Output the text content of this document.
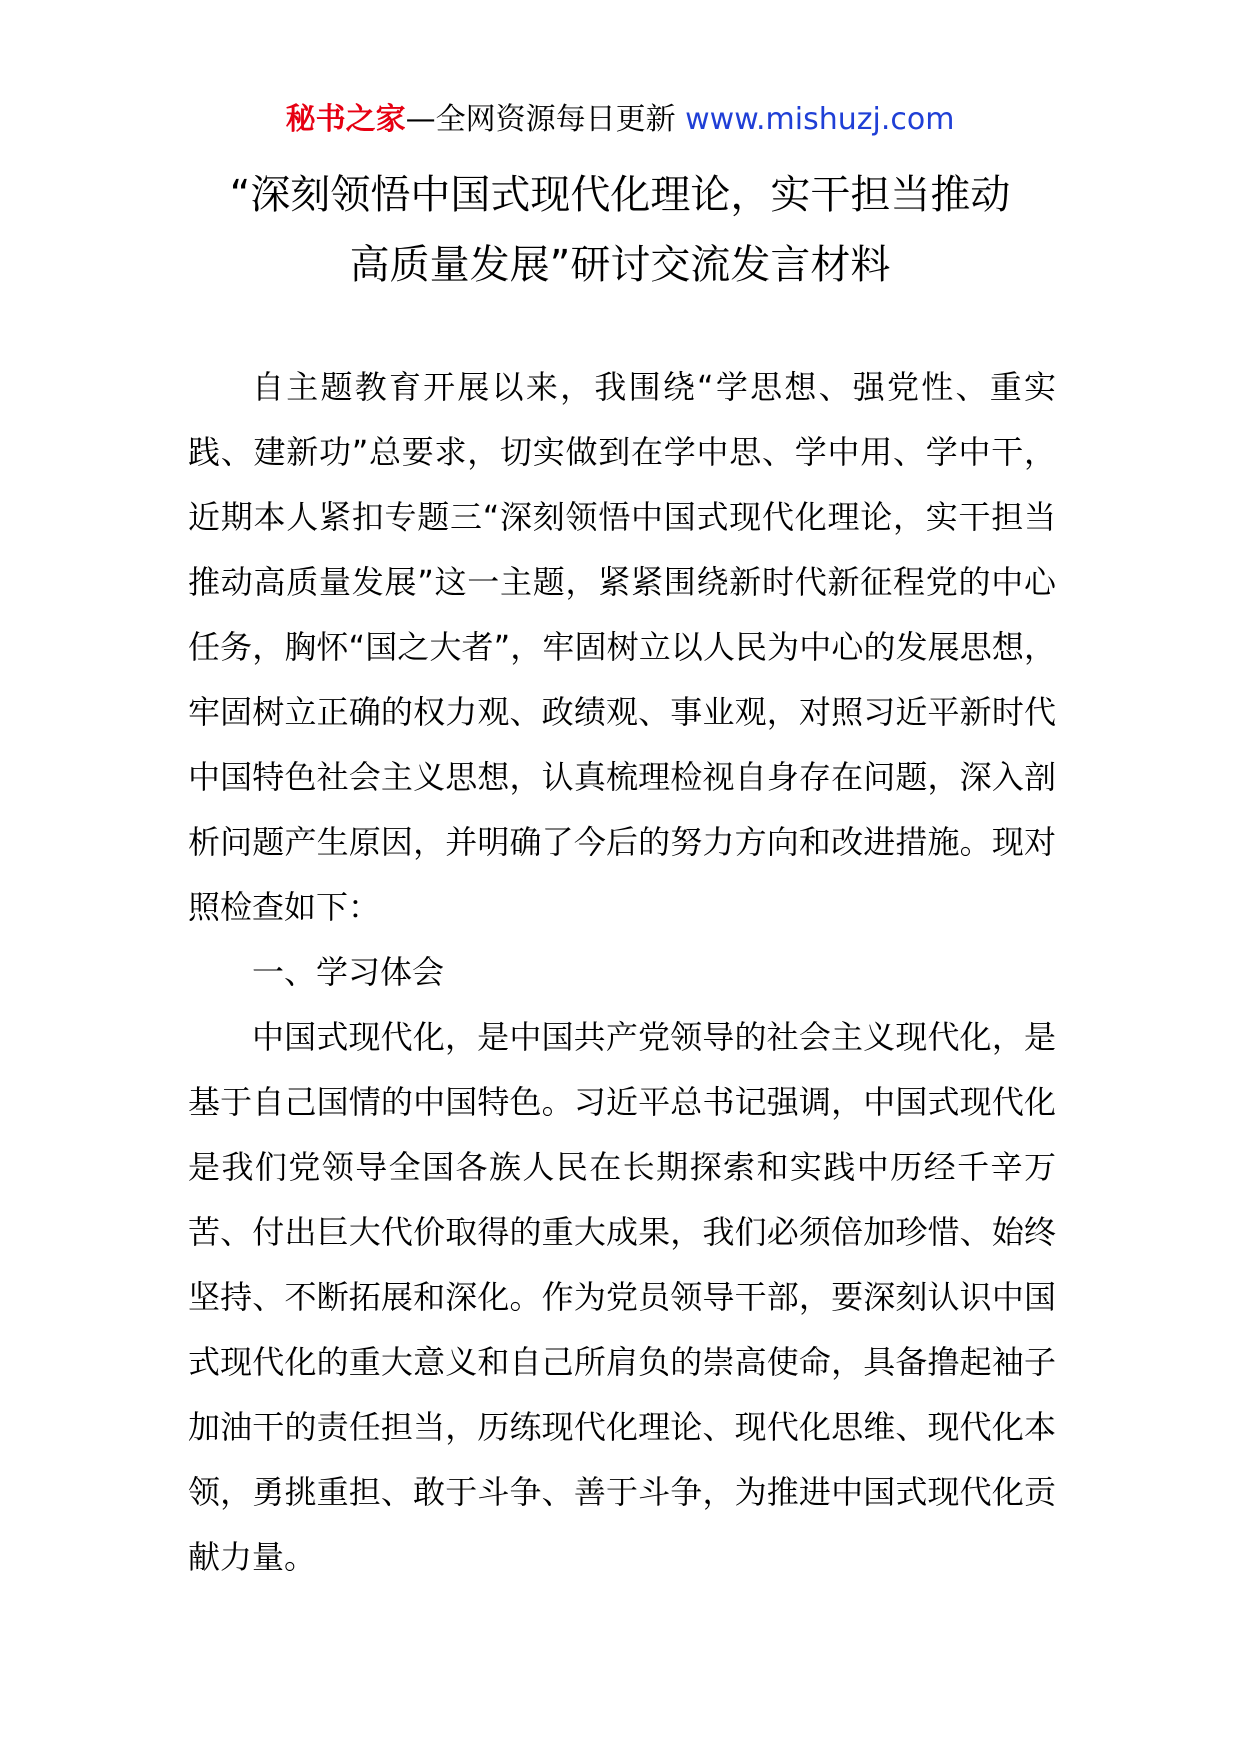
秘书之家—全网资源每日更新 www.mishuzj.com
“深刻领悟中国式现代化理论，实干担当推动
高质量发展”研讨交流发言材料

自主题教育开展以来，我围绕“学思想、强党性、重实践、建新功”总要求，切实做到在学中思、学中用、学中干，近期本人紧扣专题三“深刻领悟中国式现代化理论，实干担当推动高质量发展”这一主题，紧紧围绕新时代新征程党的中心任务，胸怀“国之大者”，牢固树立以人民为中心的发展思想，牢固树立正确的权力观、政绩观、事业观，对照习近平新时代中国特色社会主义思想，认真梳理检视自身存在问题，深入剖析问题产生原因，并明确了今后的努力方向和改进措施。现对照检查如下：

一、学习体会

中国式现代化，是中国共产党领导的社会主义现代化，是基于自己国情的中国特色。习近平总书记强调，中国式现代化是我们党领导全国各族人民在长期探索和实践中历经千辛万苦、付出巨大代价取得的重大成果，我们必须倍加珍惜、始终坚持、不断拓展和深化。作为党员领导干部，要深刻认识中国式现代化的重大意义和自己所肩负的崇高使命，具备撸起袖子加油干的责任担当，历练现代化理论、现代化思维、现代化本领，勇挑重担、敢于斗争、善于斗争，为推进中国式现代化贡献力量。
